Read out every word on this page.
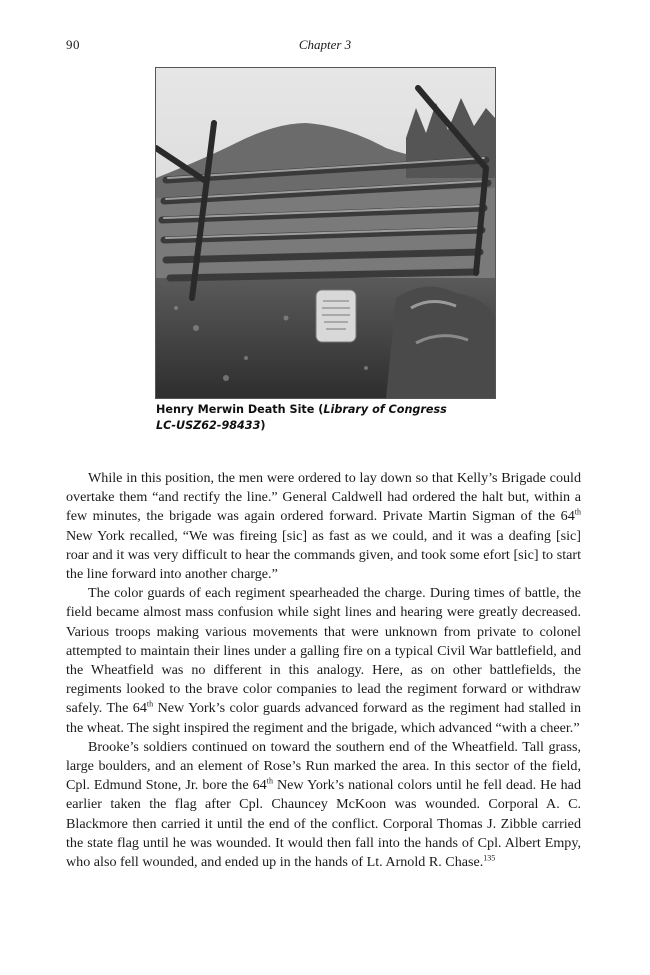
90	Chapter 3
Henry Merwin Death Site (Library of Congress
LC-USZ62-98433)

While in this position, the men were ordered to lay down so that Kelly’s Brigade could overtake them “and rectify the line.” General Caldwell had ordered the halt but, within a few minutes, the brigade was again ordered forward. Private Martin Sigman of the 64th New York recalled, “We was fireing [sic] as fast as we could, and it was a deafing [sic] roar and it was very difficult to hear the commands given, and took some efort [sic] to start the line forward into another charge.”

The color guards of each regiment spearheaded the charge. During times of battle, the field became almost mass confusion while sight lines and hearing were greatly decreased. Various troops making various movements that were unknown from private to colonel attempted to maintain their lines under a galling fire on a typical Civil War battlefield, and the Wheatfield was no different in this analogy. Here, as on other battlefields, the regiments looked to the brave color companies to lead the regiment forward or withdraw safely. The 64th New York’s color guards advanced forward as the regiment had stalled in the wheat. The sight inspired the regiment and the brigade, which advanced “with a cheer.”

Brooke’s soldiers continued on toward the southern end of the Wheatfield. Tall grass, large boulders, and an element of Rose’s Run marked the area. In this sector of the field, Cpl. Edmund Stone, Jr. bore the 64th New York’s national colors until he fell dead. He had earlier taken the flag after Cpl. Chauncey McKoon was wounded. Corporal A. C. Blackmore then carried it until the end of the conflict. Corporal Thomas J. Zibble carried the state flag until he was wounded. It would then fall into the hands of Cpl. Albert Empy, who also fell wounded, and ended up in the hands of Lt. Arnold R. Chase.$^{135}$
